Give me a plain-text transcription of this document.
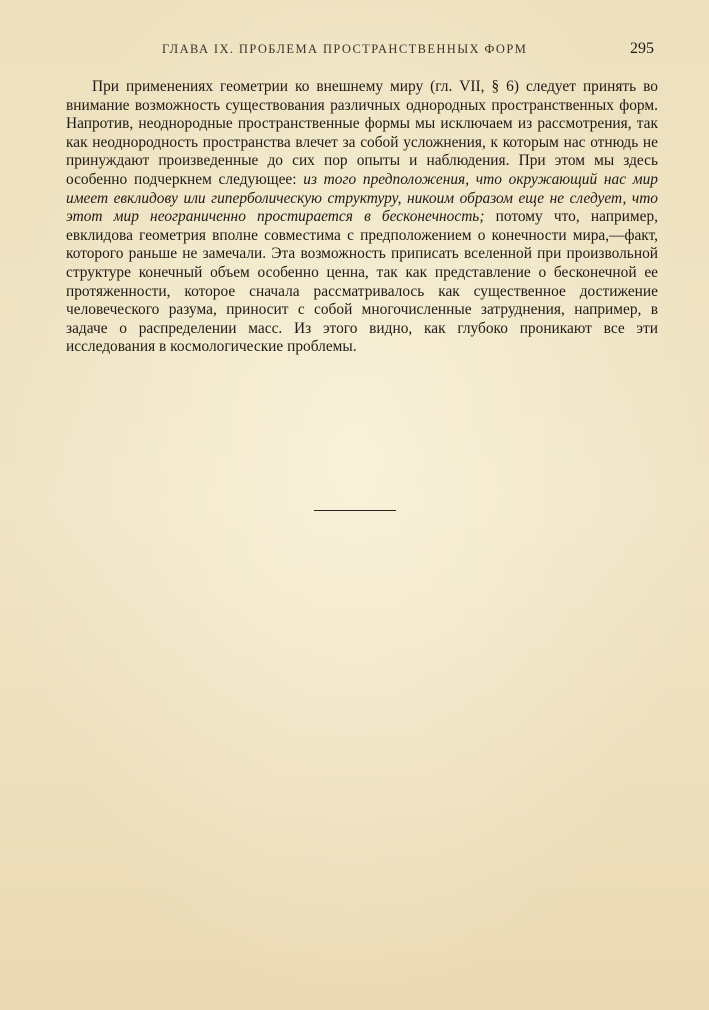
ГЛАВА IX. ПРОБЛЕМА ПРОСТРАНСТВЕННЫХ ФОРМ	295

При применениях геометрии ко внешнему миру (гл. VII, § 6) следует принять во внимание возможность существования различных однородных пространственных форм. Напротив, неоднородные пространственные формы мы исключаем из рассмотрения, так как неоднородность пространства влечет за собой усложнения, к которым нас отнюдь не принуждают произведенные до сих пор опыты и наблюдения. При этом мы здесь особенно подчеркнем следующее: из того предположения, что окружающий нас мир имеет евклидову или гиперболическую структуру, никоим образом еще не следует, что этот мир неограниченно простирается в бесконечность; потому что, например, евклидова геометрия вполне совместима с предположением о конечности мира,—факт, которого раньше не замечали. Эта возможность приписать вселенной при произвольной структуре конечный объем особенно ценна, так как представление о бесконечной ее протяженности, которое сначала рассматривалось как существенное достижение человеческого разума, приносит с собой многочисленные затруднения, например, в задаче о распределении масс. Из этого видно, как глубоко проникают все эти исследования в космологические проблемы.
